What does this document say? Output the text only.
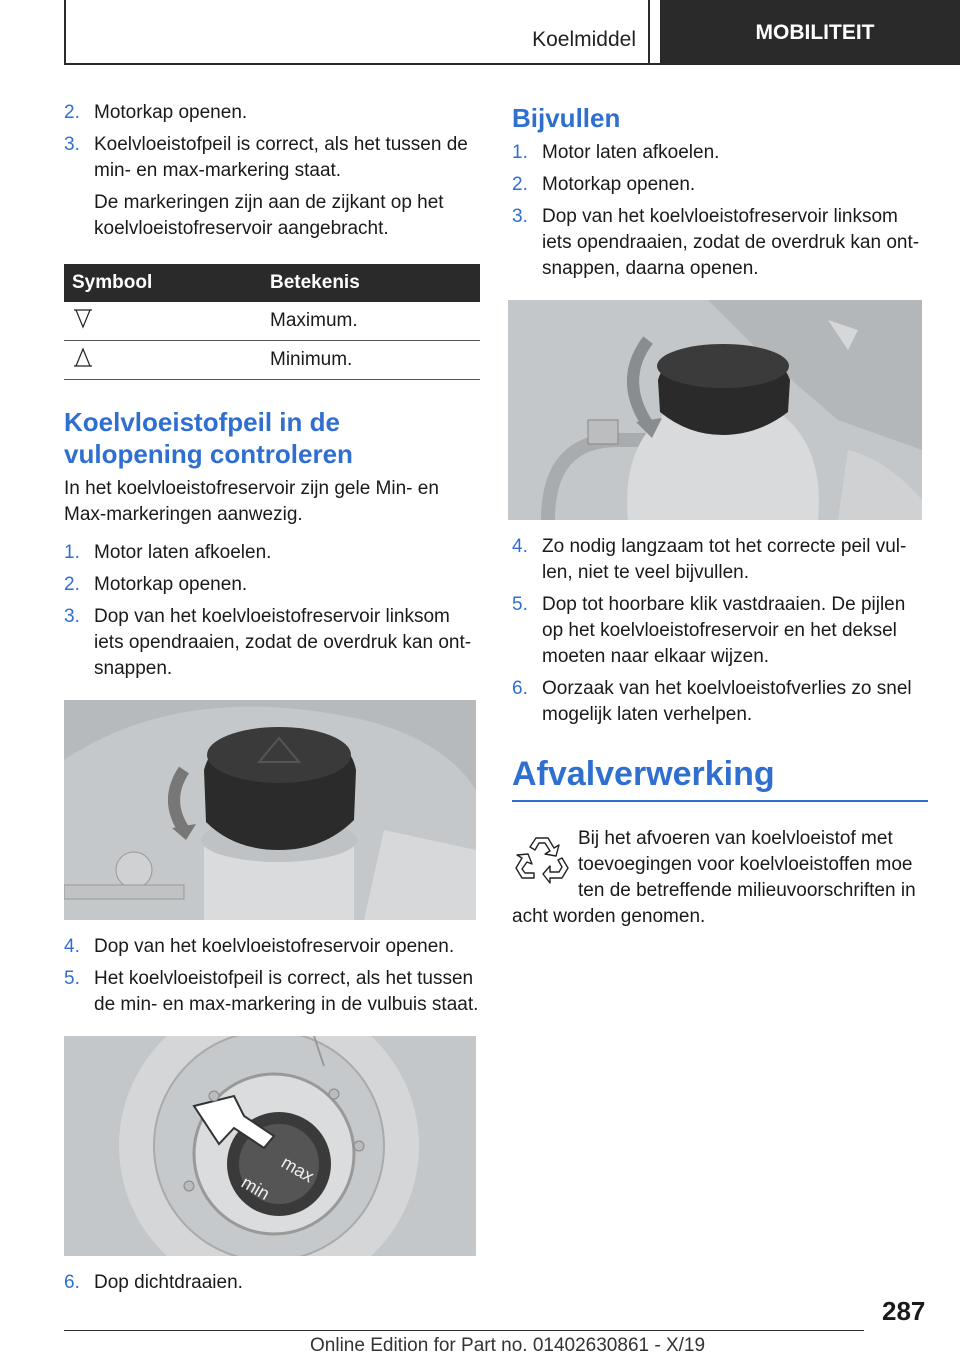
Koelmiddel	MOBILITEIT
2. Motorkap openen.
3. Koelvloeistofpeil is correct, als het tussen de min- en max-markering staat.

De markeringen zijn aan de zijkant op het koelvloeistofreservoir aangebracht.

Symbool	Betekenis
	Maximum.
	Minimum.
Koelvloeistofpeil in de vulopening controleren

In het koelvloeistofreservoir zijn gele Min- en Max-markeringen aanwezig.

1. Motor laten afkoelen.
2. Motorkap openen.
3. Dop van het koelvloeistofreservoir linksom iets opendraaien, zodat de overdruk kan ontsnappen.
4. Dop van het koelvloeistofreservoir openen.
5. Het koelvloeistofpeil is correct, als het tussen de min- en max-markering in de vulbuis staat.
max
min
6. Dop dichtdraaien.
Bijvullen
1. Motor laten afkoelen.
2. Motorkap openen.
3. Dop van het koelvloeistofreservoir linksom iets opendraaien, zodat de overdruk kan ontsnappen, daarna openen.
4. Zo nodig langzaam tot het correcte peil vullen, niet te veel bijvullen.
5. Dop tot hoorbare klik vastdraaien. De pijlen op het koelvloeistofreservoir en het deksel moeten naar elkaar wijzen.
6. Oorzaak van het koelvloeistofverlies zo snel mogelijk laten verhelpen.
Afvalverwerking

Bij het afvoeren van koelvloeistof met
toevoegingen voor koelvloeistoffen moe
ten de betreffende milieuvoorschriften in
acht worden genomen.

287
Online Edition for Part no. 01402630861 - X/19
